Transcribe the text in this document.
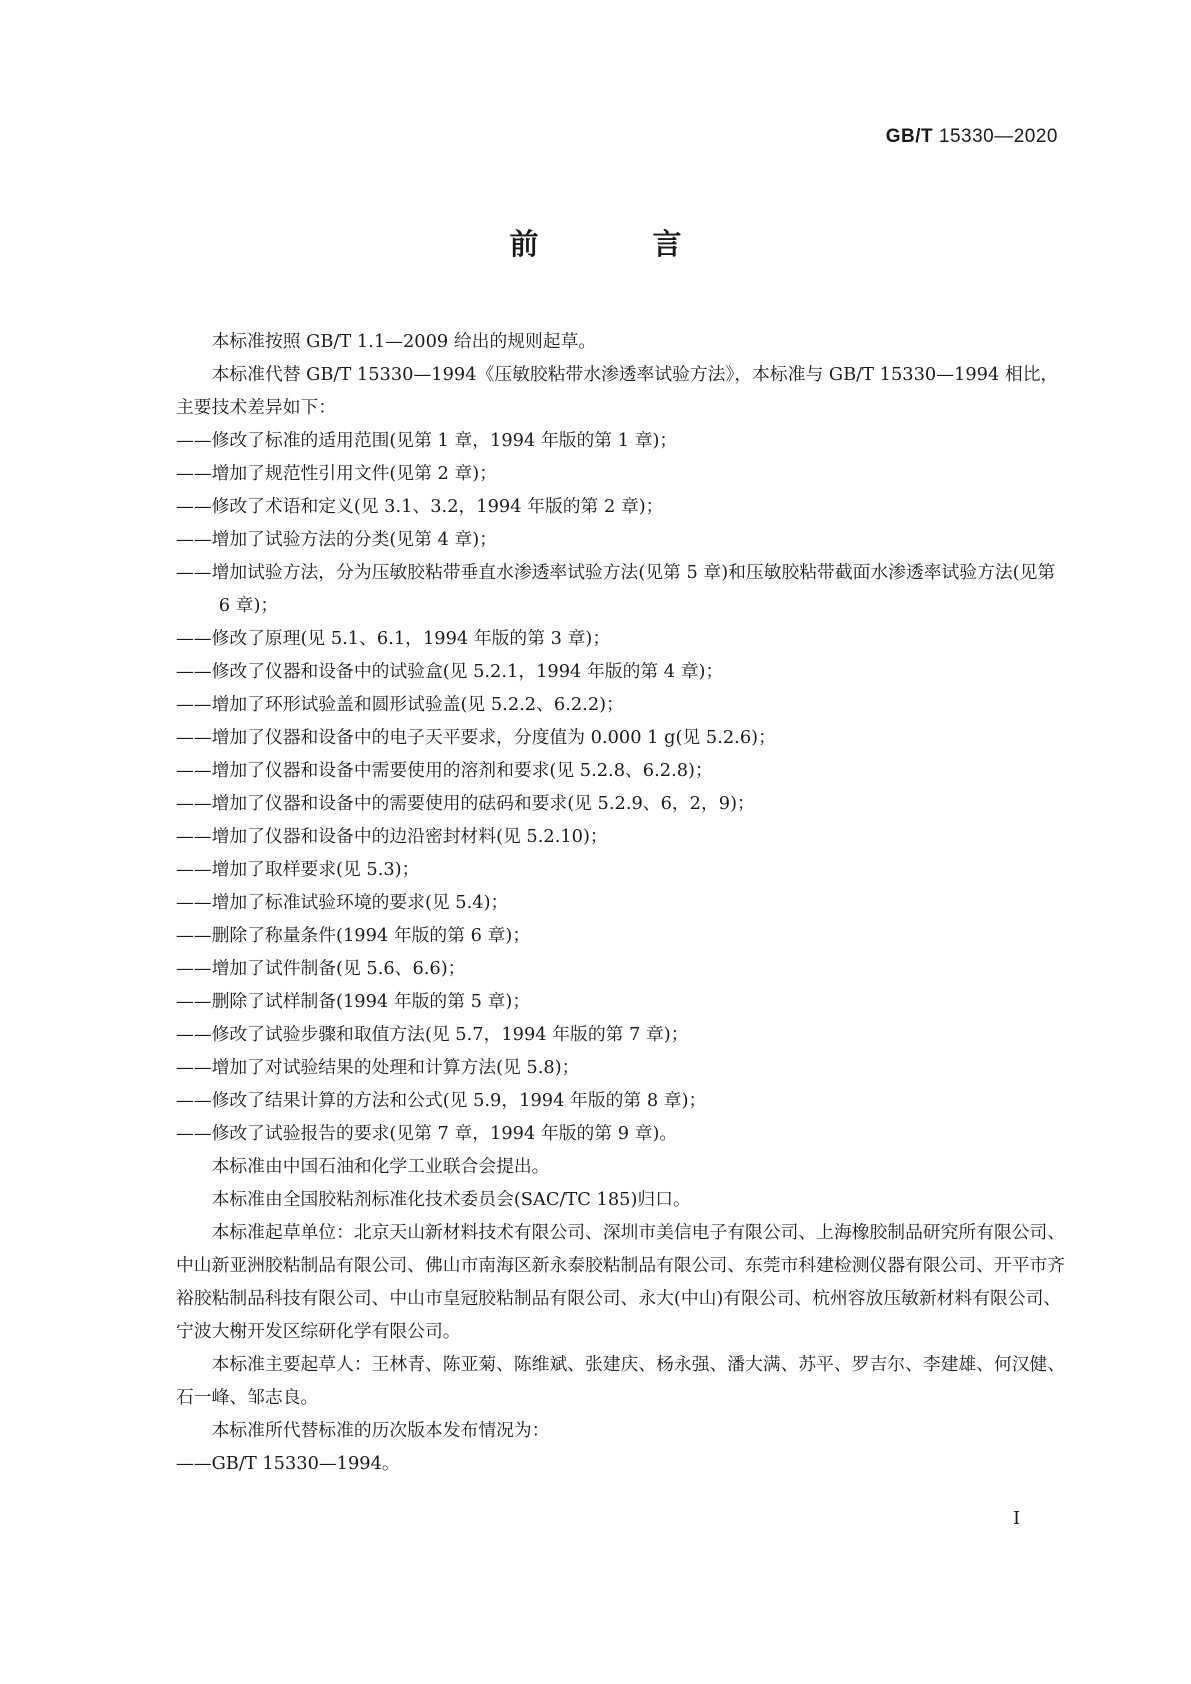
GB/T 15330—2020
前 言

本标准按照 GB/T 1.1—2009 给出的规则起草。

本标准代替 GB/T 15330—1994《压敏胶粘带水渗透率试验方法》，本标准与 GB/T 15330—1994 相比，主要技术差异如下：

——修改了标准的适用范围(见第 1 章，1994 年版的第 1 章)；

——增加了规范性引用文件(见第 2 章)；

——修改了术语和定义(见 3.1、3.2，1994 年版的第 2 章)；

——增加了试验方法的分类(见第 4 章)；

——增加试验方法，分为压敏胶粘带垂直水渗透率试验方法(见第 5 章)和压敏胶粘带截面水渗透率试验方法(见第 6 章)；

——修改了原理(见 5.1、6.1，1994 年版的第 3 章)；

——修改了仪器和设备中的试验盒(见 5.2.1，1994 年版的第 4 章)；

——增加了环形试验盖和圆形试验盖(见 5.2.2、6.2.2)；

——增加了仪器和设备中的电子天平要求，分度值为 0.000 1 g(见 5.2.6)；

——增加了仪器和设备中需要使用的溶剂和要求(见 5.2.8、6.2.8)；

——增加了仪器和设备中的需要使用的砝码和要求(见 5.2.9、6，2，9)；

——增加了仪器和设备中的边沿密封材料(见 5.2.10)；

——增加了取样要求(见 5.3)；

——增加了标准试验环境的要求(见 5.4)；

——删除了称量条件(1994 年版的第 6 章)；

——增加了试件制备(见 5.6、6.6)；

——删除了试样制备(1994 年版的第 5 章)；

——修改了试验步骤和取值方法(见 5.7，1994 年版的第 7 章)；

——增加了对试验结果的处理和计算方法(见 5.8)；

——修改了结果计算的方法和公式(见 5.9，1994 年版的第 8 章)；

——修改了试验报告的要求(见第 7 章，1994 年版的第 9 章)。

本标准由中国石油和化学工业联合会提出。

本标准由全国胶粘剂标准化技术委员会(SAC/TC 185)归口。

本标准起草单位：北京天山新材料技术有限公司、深圳市美信电子有限公司、上海橡胶制品研究所有限公司、中山新亚洲胶粘制品有限公司、佛山市南海区新永泰胶粘制品有限公司、东莞市科建检测仪器有限公司、开平市齐裕胶粘制品科技有限公司、中山市皇冠胶粘制品有限公司、永大(中山)有限公司、杭州容放压敏新材料有限公司、宁波大榭开发区综研化学有限公司。

本标准主要起草人：王林青、陈亚菊、陈维斌、张建庆、杨永强、潘大满、苏平、罗吉尔、李建雄、何汉健、石一峰、邹志良。

本标准所代替标准的历次版本发布情况为：

——GB/T 15330—1994。

I
